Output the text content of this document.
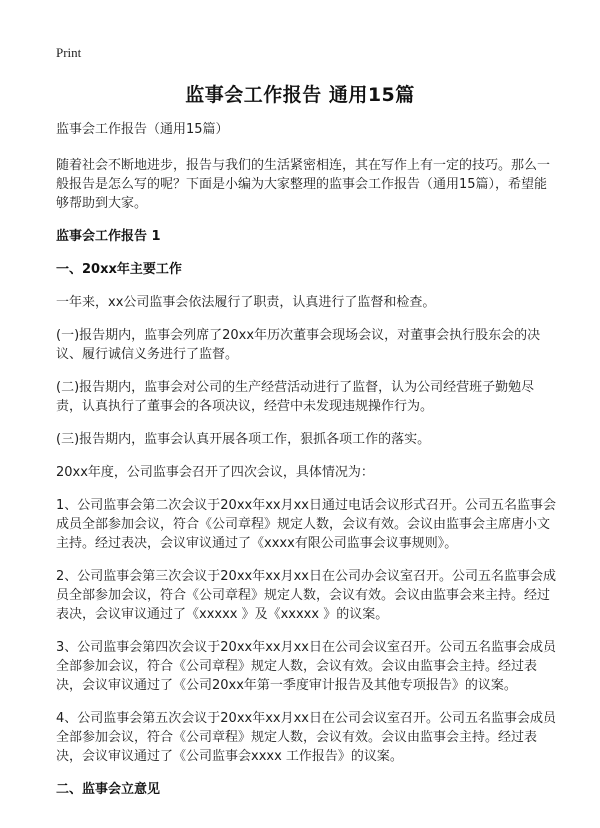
Print
监事会工作报告 通用15篇

监事会工作报告（通用15篇）

随着社会不断地进步，报告与我们的生活紧密相连，其在写作上有一定的技巧。那么一般报告是怎么写的呢？下面是小编为大家整理的监事会工作报告（通用15篇），希望能够帮助到大家。

监事会工作报告 1

一、20xx年主要工作

一年来，xx公司监事会依法履行了职责，认真进行了监督和检查。

(一)报告期内，监事会列席了20xx年历次董事会现场会议，对董事会执行股东会的决议、履行诚信义务进行了监督。

(二)报告期内，监事会对公司的生产经营活动进行了监督，认为公司经营班子勤勉尽责，认真执行了董事会的各项决议，经营中未发现违规操作行为。

(三)报告期内，监事会认真开展各项工作，狠抓各项工作的落实。

20xx年度，公司监事会召开了四次会议，具体情况为：

1、公司监事会第二次会议于20xx年xx月xx日通过电话会议形式召开。公司五名监事会成员全部参加会议，符合《公司章程》规定人数，会议有效。会议由监事会主席唐小文主持。经过表决，会议审议通过了《xxxx有限公司监事会议事规则》。

2、公司监事会第三次会议于20xx年xx月xx日在公司办会议室召开。公司五名监事会成员全部参加会议，符合《公司章程》规定人数，会议有效。会议由监事会来主持。经过表决，会议审议通过了《xxxxx 》及《xxxxx 》的议案。

3、公司监事会第四次会议于20xx年xx月xx日在公司会议室召开。公司五名监事会成员全部参加会议，符合《公司章程》规定人数，会议有效。会议由监事会主持。经过表决，会议审议通过了《公司20xx年第一季度审计报告及其他专项报告》的议案。

4、公司监事会第五次会议于20xx年xx月xx日在公司会议室召开。公司五名监事会成员全部参加会议，符合《公司章程》规定人数，会议有效。会议由监事会主持。经过表决，会议审议通过了《公司监事会xxxx 工作报告》的议案。

二、监事会立意见
